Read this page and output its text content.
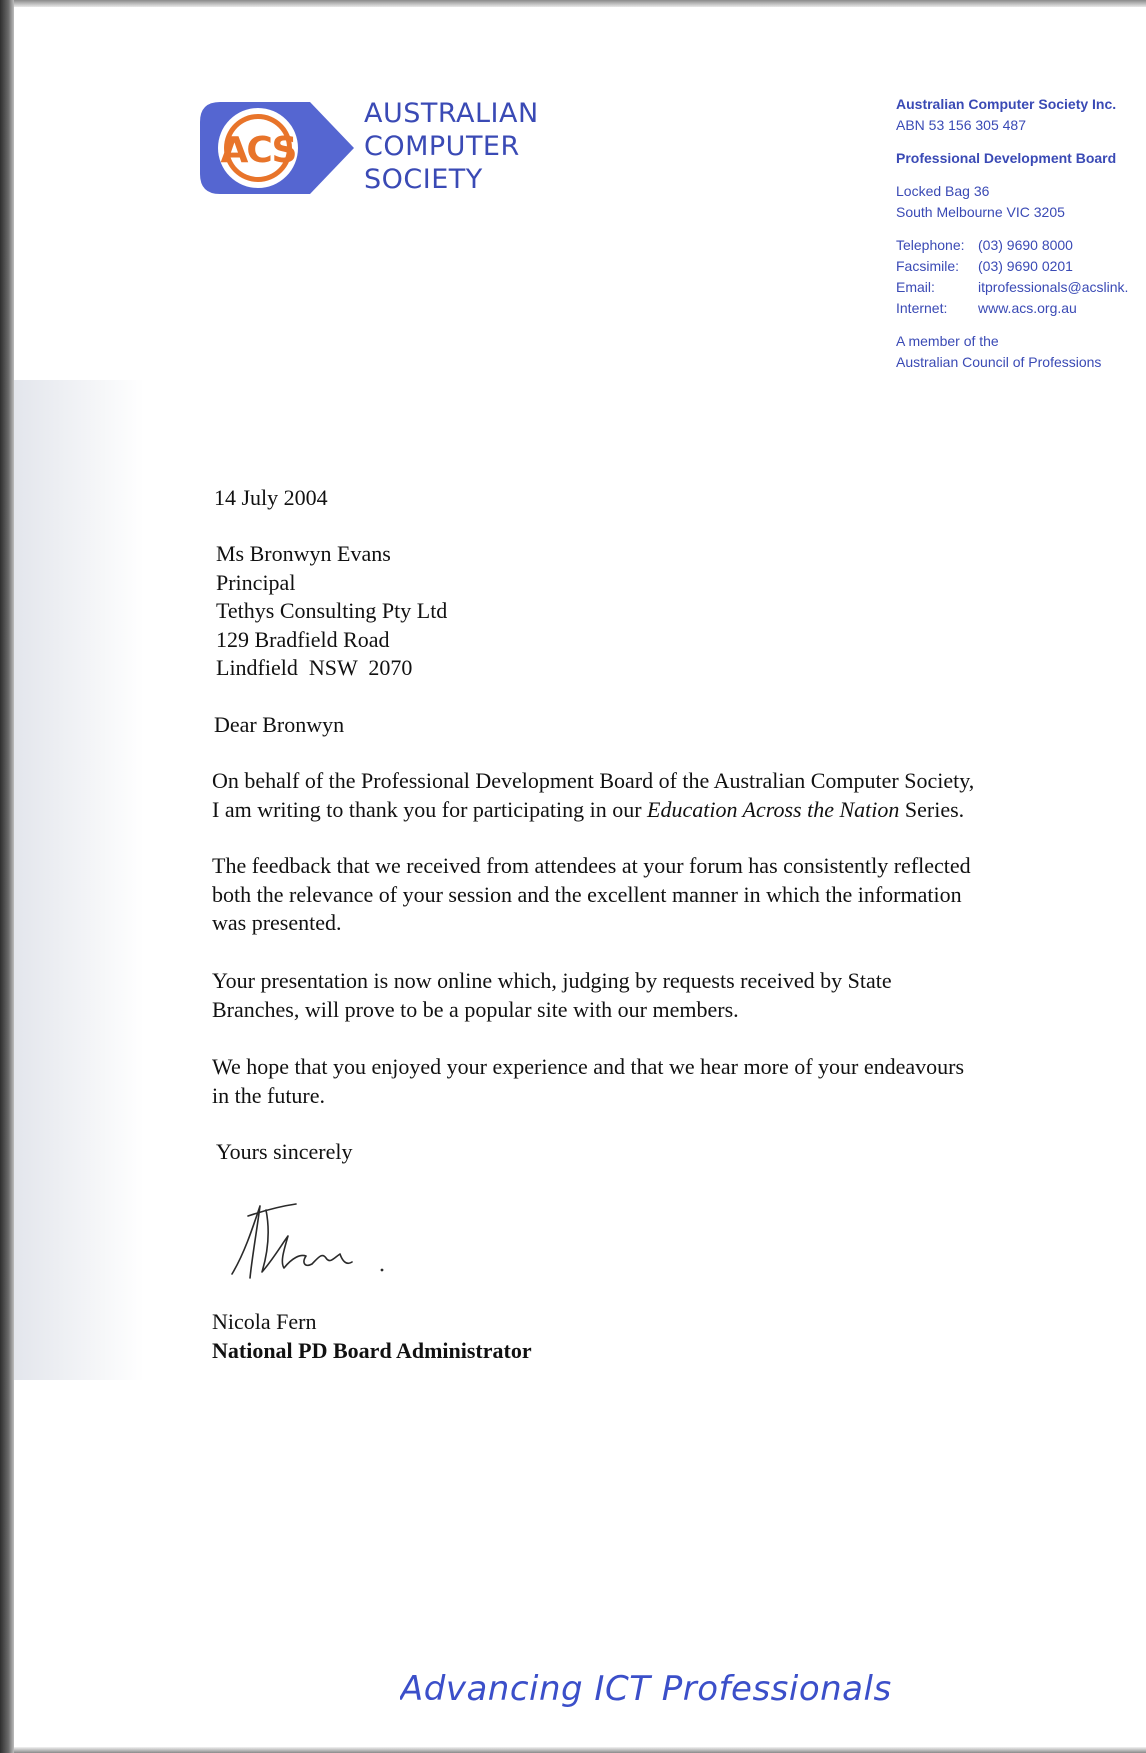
ACS
AUSTRALIAN
COMPUTER
SOCIETY
Australian Computer Society Inc.
ABN 53 156 305 487
Professional Development Board
Locked Bag 36
South Melbourne VIC 3205
Telephone: (03) 9690 8000
Facsimile: (03) 9690 0201
Email:	itprofessionals@acslink.
Internet: www.acs.org.au
A member of the
Australian Council of Professions
14 July 2004
Ms Bronwyn Evans
Principal
Tethys Consulting Pty Ltd
129 Bradfield Road
Lindfield  NSW  2070
Dear Bronwyn
On behalf of the Professional Development Board of the Australian Computer Society,
I am writing to thank you for participating in our Education Across the Nation Series.
The feedback that we received from attendees at your forum has consistently reflected
both the relevance of your session and the excellent manner in which the information
was presented.
Your presentation is now online which, judging by requests received by State
Branches, will prove to be a popular site with our members.
We hope that you enjoyed your experience and that we hear more of your endeavours
in the future.
Yours sincerely
Nicola Fern
National PD Board Administrator
Advancing ICT Professionals
